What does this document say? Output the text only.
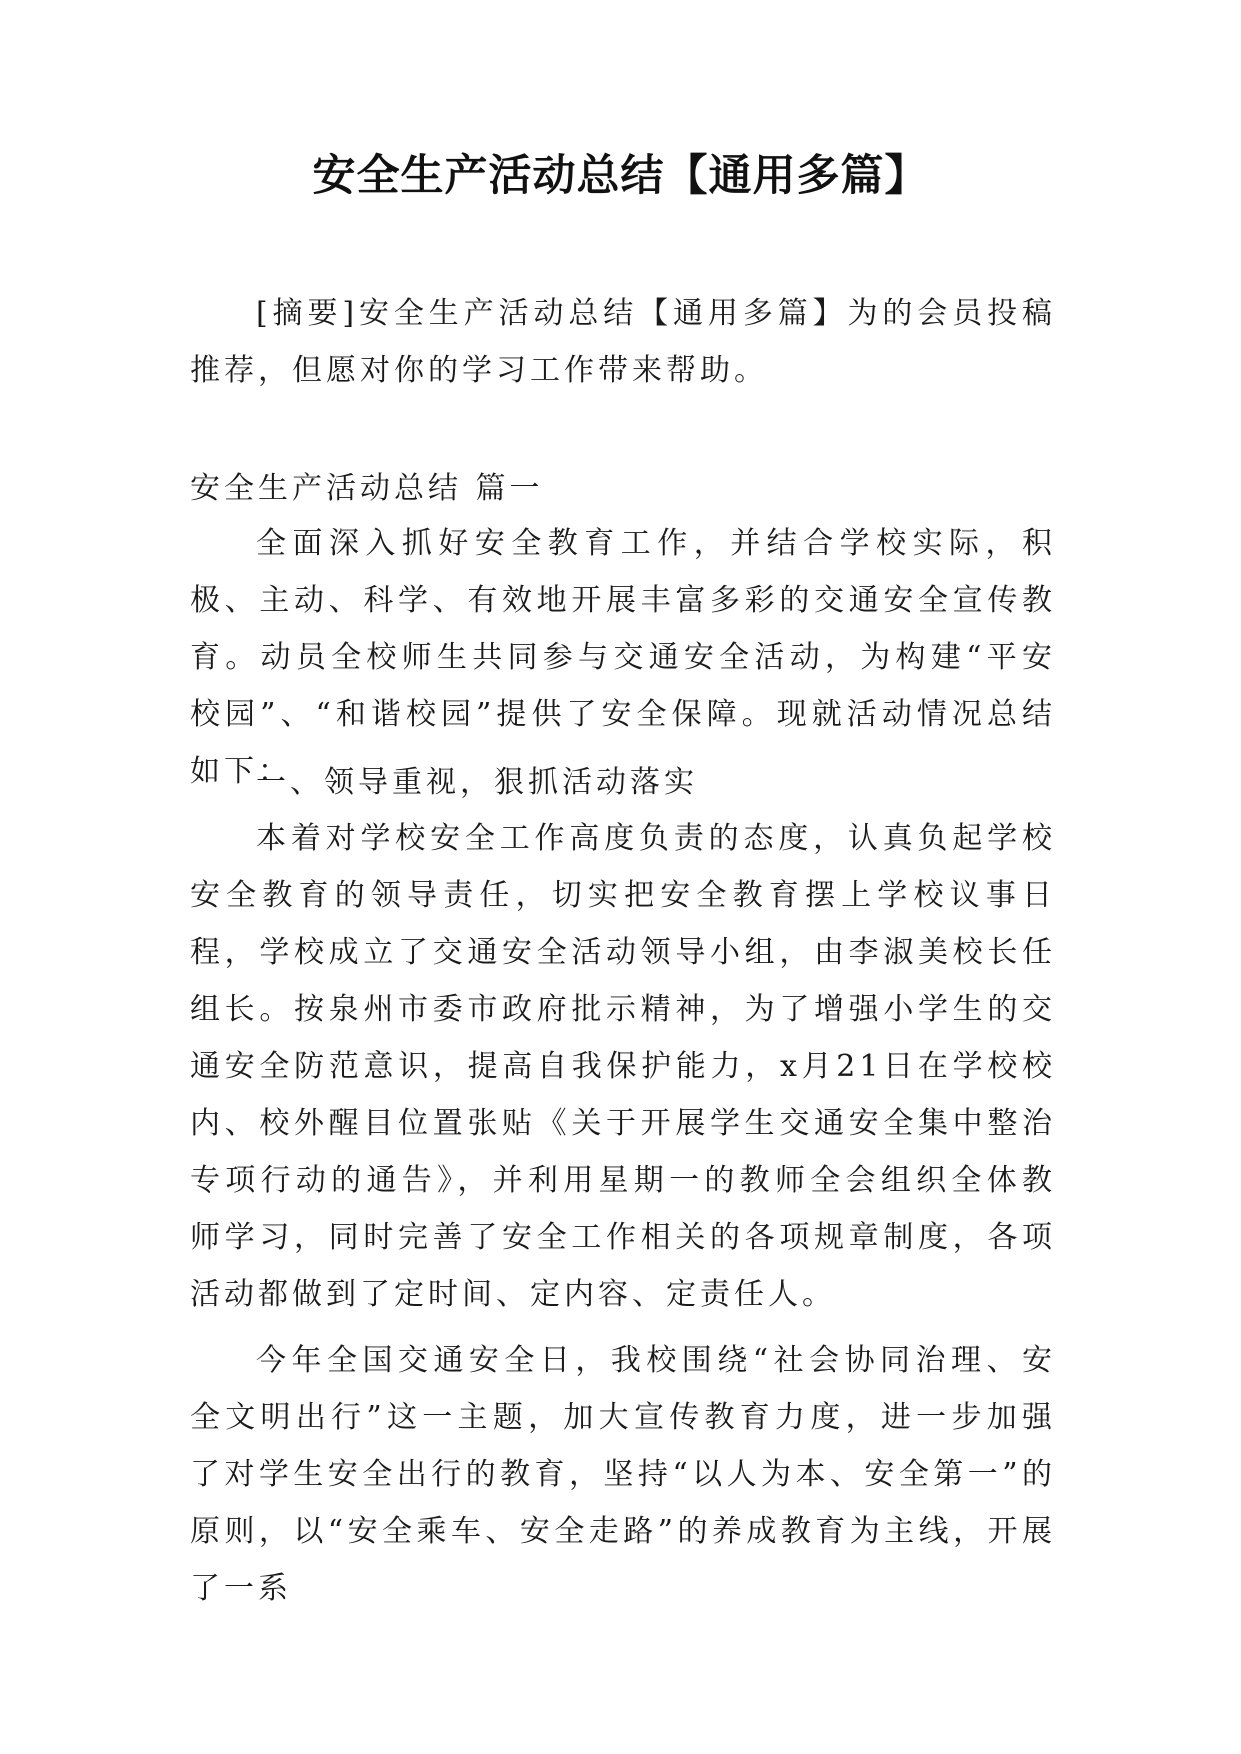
安全生产活动总结【通用多篇】

[摘要]安全生产活动总结【通用多篇】为的会员投稿推荐，但愿对你的学习工作带来帮助。

安全生产活动总结 篇一

全面深入抓好安全教育工作，并结合学校实际，积极、主动、科学、有效地开展丰富多彩的交通安全宣传教育。动员全校师生共同参与交通安全活动，为构建“平安校园”、“和谐校园”提供了安全保障。现就活动情况总结如下：

一、领导重视，狠抓活动落实

本着对学校安全工作高度负责的态度，认真负起学校安全教育的领导责任，切实把安全教育摆上学校议事日程，学校成立了交通安全活动领导小组，由李淑美校长任组长。按泉州市委市政府批示精神，为了增强小学生的交通安全防范意识，提高自我保护能力，x月21日在学校校内、校外醒目位置张贴《关于开展学生交通安全集中整治专项行动的通告》，并利用星期一的教师全会组织全体教师学习，同时完善了安全工作相关的各项规章制度，各项活动都做到了定时间、定内容、定责任人。

今年全国交通安全日，我校围绕“社会协同治理、安全文明出行”这一主题，加大宣传教育力度，进一步加强了对学生安全出行的教育，坚持“以人为本、安全第一”的原则，以“安全乘车、安全走路”的养成教育为主线，开展了一系
